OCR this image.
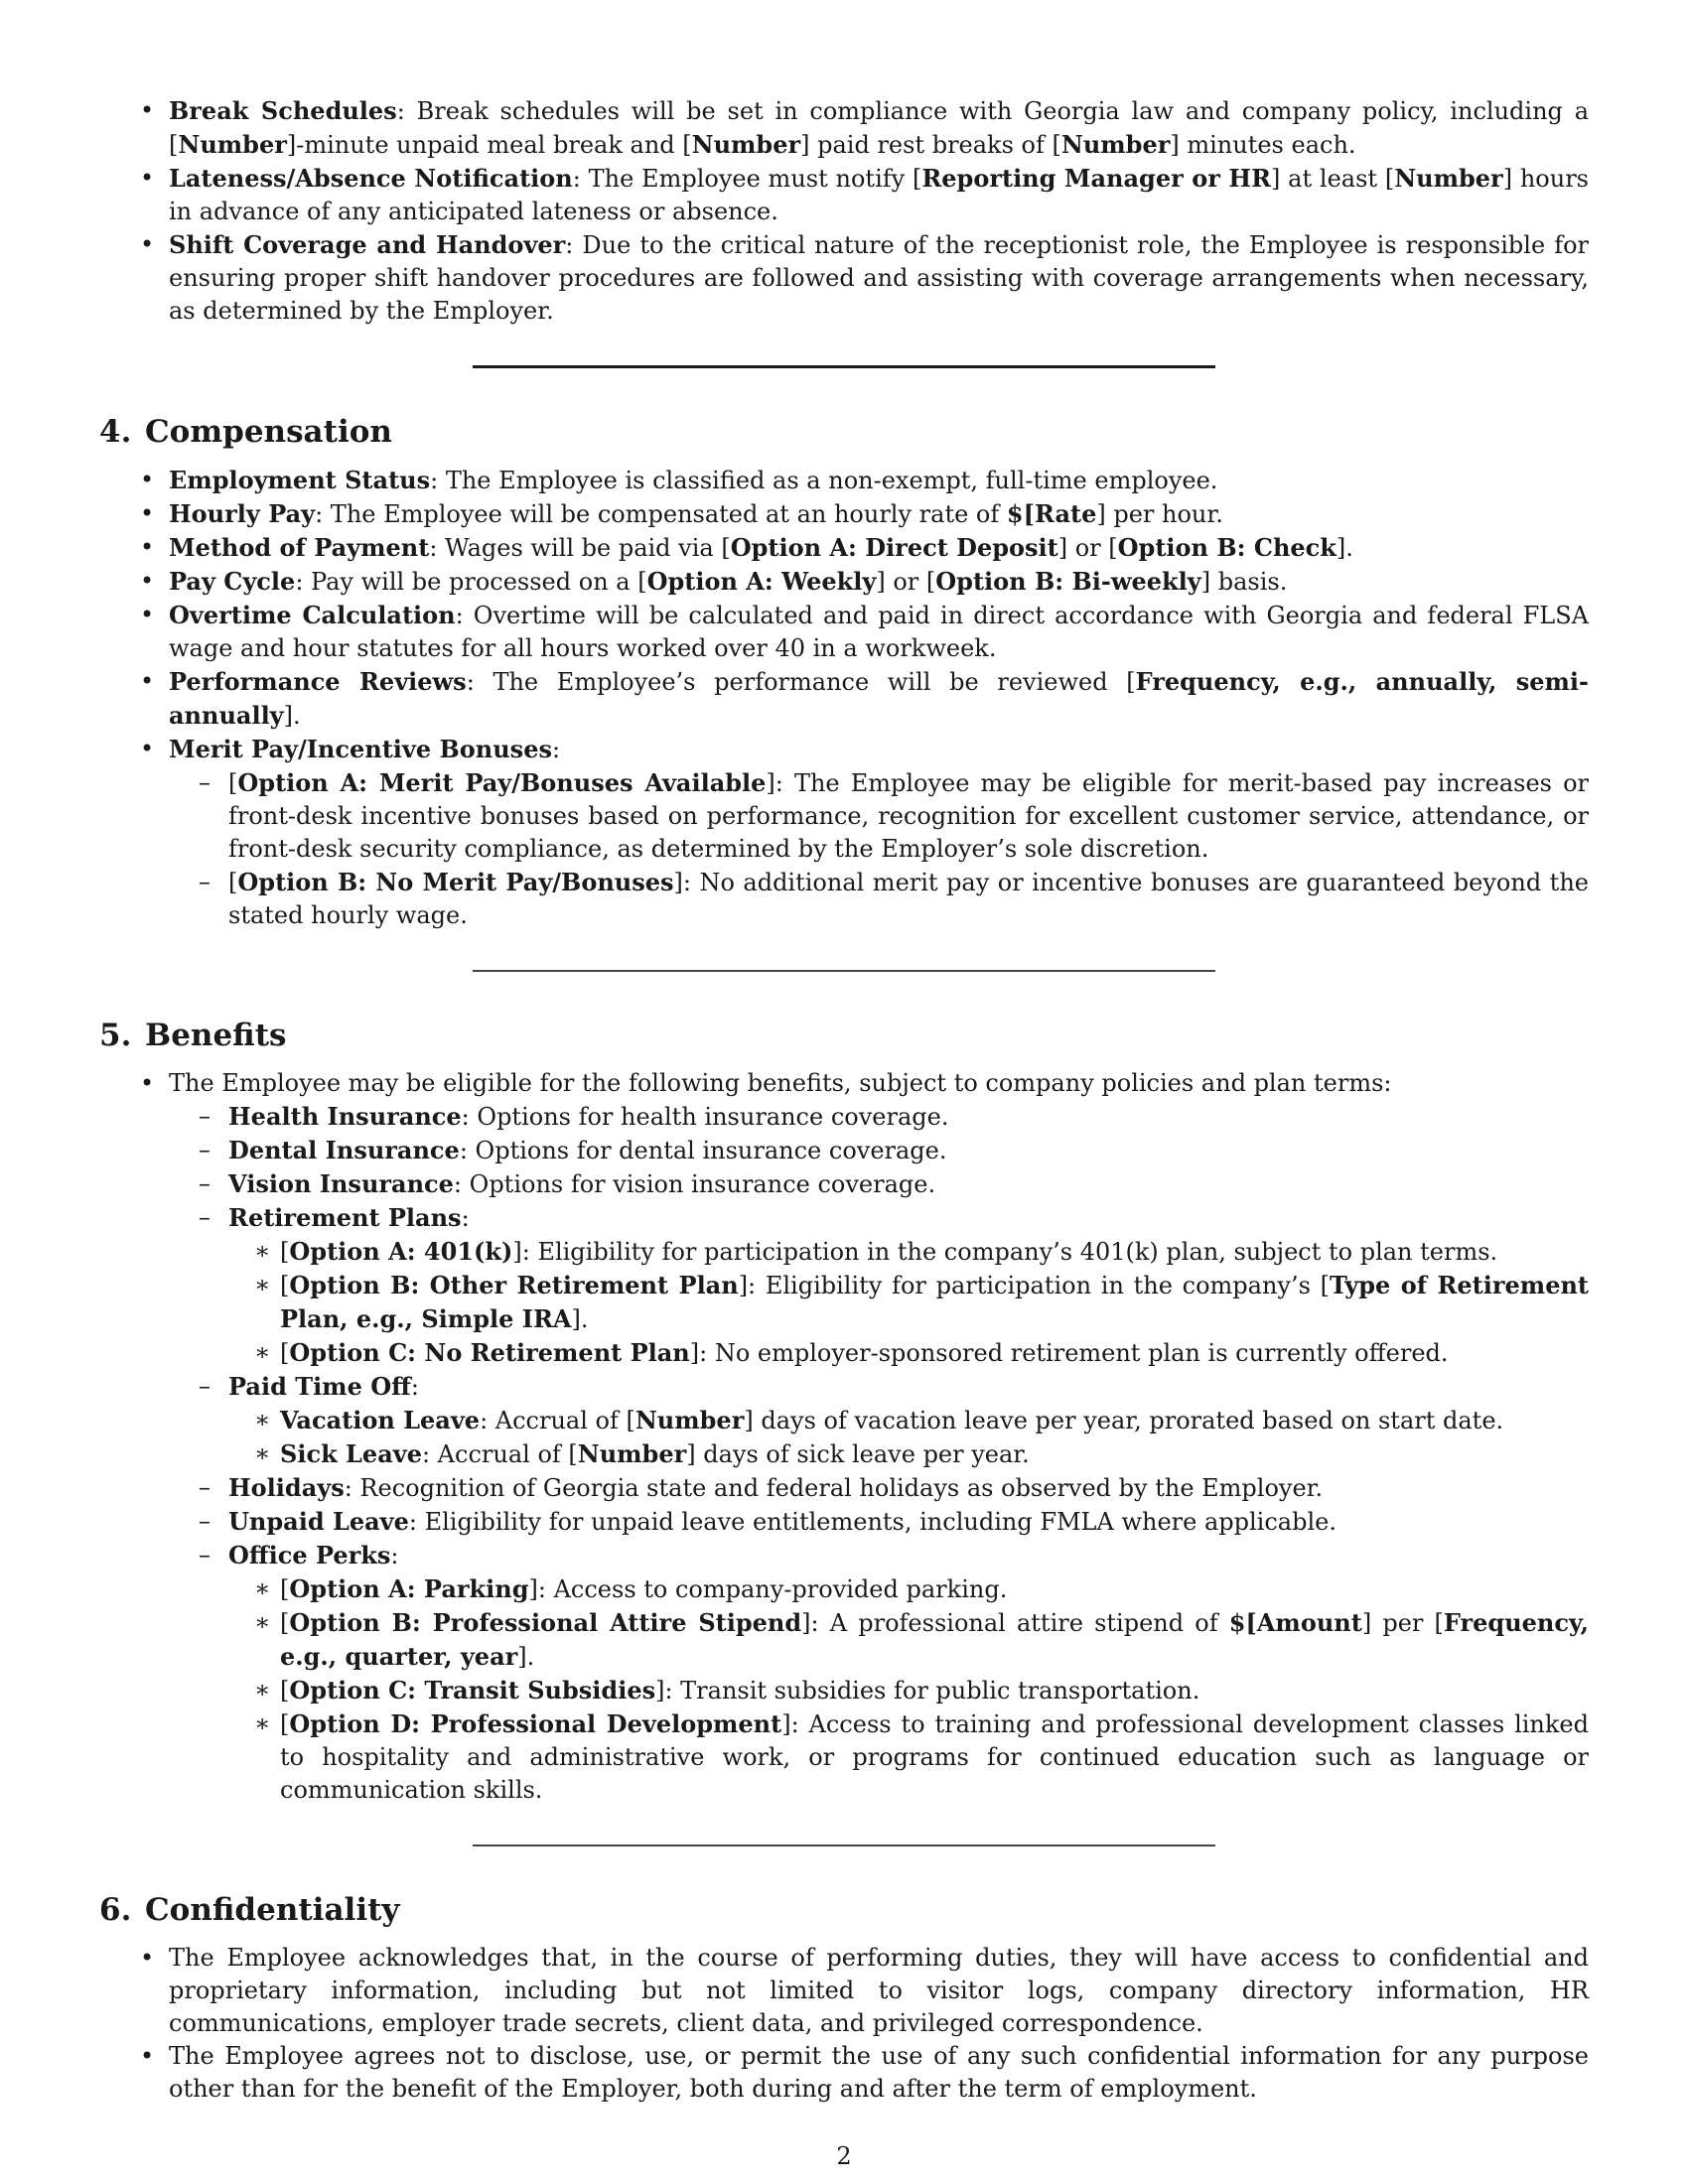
• Break Schedules: Break schedules will be set in compliance with Georgia law and company policy, including a [Number]-minute unpaid meal break and [Number] paid rest breaks of [Number] minutes each.
• Lateness/Absence Notification: The Employee must notify [Reporting Manager or HR] at least [Number] hours in advance of any anticipated lateness or absence.
• Shift Coverage and Handover: Due to the critical nature of the receptionist role, the Employee is responsible for ensuring proper shift handover procedures are followed and assisting with coverage arrangements when necessary, as determined by the Employer.
4. Compensation
• Employment Status: The Employee is classified as a non-exempt, full-time employee.
• Hourly Pay: The Employee will be compensated at an hourly rate of $[Rate] per hour.
• Method of Payment: Wages will be paid via [Option A: Direct Deposit] or [Option B: Check].
• Pay Cycle: Pay will be processed on a [Option A: Weekly] or [Option B: Bi-weekly] basis.
• Overtime Calculation: Overtime will be calculated and paid in direct accordance with Georgia and federal FLSA wage and hour statutes for all hours worked over 40 in a workweek.
• Performance Reviews: The Employee’s performance will be reviewed [Frequency, e.g., annually, semi-annually].
• Merit Pay/Incentive Bonuses:
– [Option A: Merit Pay/Bonuses Available]: The Employee may be eligible for merit-based pay increases or front-desk incentive bonuses based on performance, recognition for excellent customer service, attendance, or front-desk security compliance, as determined by the Employer’s sole discretion.
– [Option B: No Merit Pay/Bonuses]: No additional merit pay or incentive bonuses are guaranteed beyond the stated hourly wage.
5. Benefits
• The Employee may be eligible for the following benefits, subject to company policies and plan terms:
– Health Insurance: Options for health insurance coverage.
– Dental Insurance: Options for dental insurance coverage.
– Vision Insurance: Options for vision insurance coverage.
– Retirement Plans:
∗ [Option A: 401(k)]: Eligibility for participation in the company’s 401(k) plan, subject to plan terms.
∗ [Option B: Other Retirement Plan]: Eligibility for participation in the company’s [Type of Retirement Plan, e.g., Simple IRA].
∗ [Option C: No Retirement Plan]: No employer-sponsored retirement plan is currently offered.
– Paid Time Off:
∗ Vacation Leave: Accrual of [Number] days of vacation leave per year, prorated based on start date.
∗ Sick Leave: Accrual of [Number] days of sick leave per year.
– Holidays: Recognition of Georgia state and federal holidays as observed by the Employer.
– Unpaid Leave: Eligibility for unpaid leave entitlements, including FMLA where applicable.
– Office Perks:
∗ [Option A: Parking]: Access to company-provided parking.
∗ [Option B: Professional Attire Stipend]: A professional attire stipend of $[Amount] per [Frequency, e.g., quarter, year].
∗ [Option C: Transit Subsidies]: Transit subsidies for public transportation.
∗ [Option D: Professional Development]: Access to training and professional development classes linked to hospitality and administrative work, or programs for continued education such as language or communication skills.
6. Confidentiality
• The Employee acknowledges that, in the course of performing duties, they will have access to confidential and proprietary information, including but not limited to visitor logs, company directory information, HR communications, employer trade secrets, client data, and privileged correspondence.
• The Employee agrees not to disclose, use, or permit the use of any such confidential information for any purpose other than for the benefit of the Employer, both during and after the term of employment.
2
